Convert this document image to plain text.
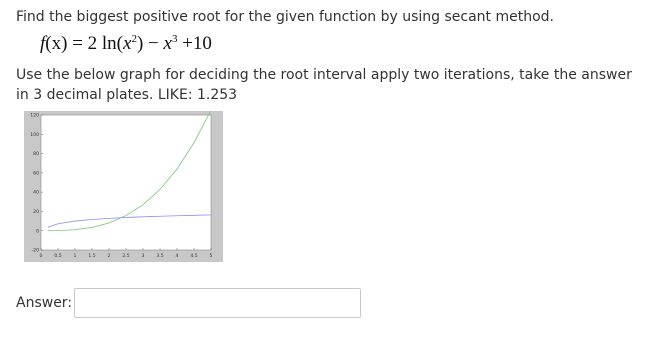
Find the biggest positive root for the given function by using secant method.
f(x) = 2 $\ln(x^2) - x^3 +10$
Use the below graph for deciding the root interval apply two iterations, take the answer in 3 decimal plates. LIKE: 1.253
0	0.5	1	1.5	2	2.5	3	3.5	4	4.5	5
120
100
80
60
40
20
0
-20
Answer:
